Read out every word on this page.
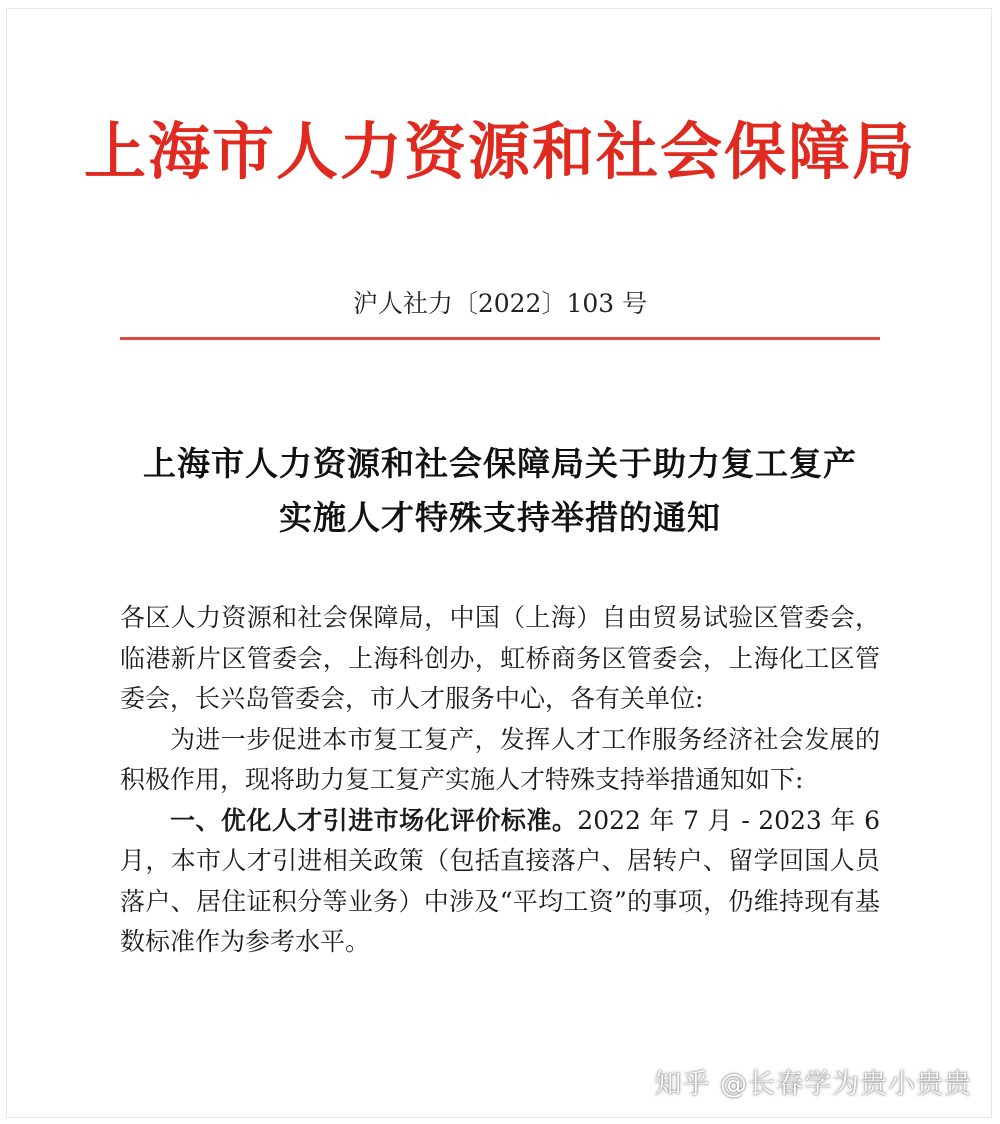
上海市人力资源和社会保障局
沪人社力〔2022〕103 号
上海市人力资源和社会保障局关于助力复工复产
实施人才特殊支持举措的通知

各区人力资源和社会保障局，中国（上海）自由贸易试验区管委会，临港新片区管委会，上海科创办，虹桥商务区管委会，上海化工区管委会，长兴岛管委会，市人才服务中心，各有关单位:

为进一步促进本市复工复产，发挥人才工作服务经济社会发展的积极作用，现将助力复工复产实施人才特殊支持举措通知如下:

一、优化人才引进市场化评价标准。2022 年 7 月 - 2023 年 6 月，本市人才引进相关政策（包括直接落户、居转户、留学回国人员落户、居住证积分等业务）中涉及“平均工资”的事项，仍维持现有基数标准作为参考水平。

知乎 @长春学为贵小贵贵
